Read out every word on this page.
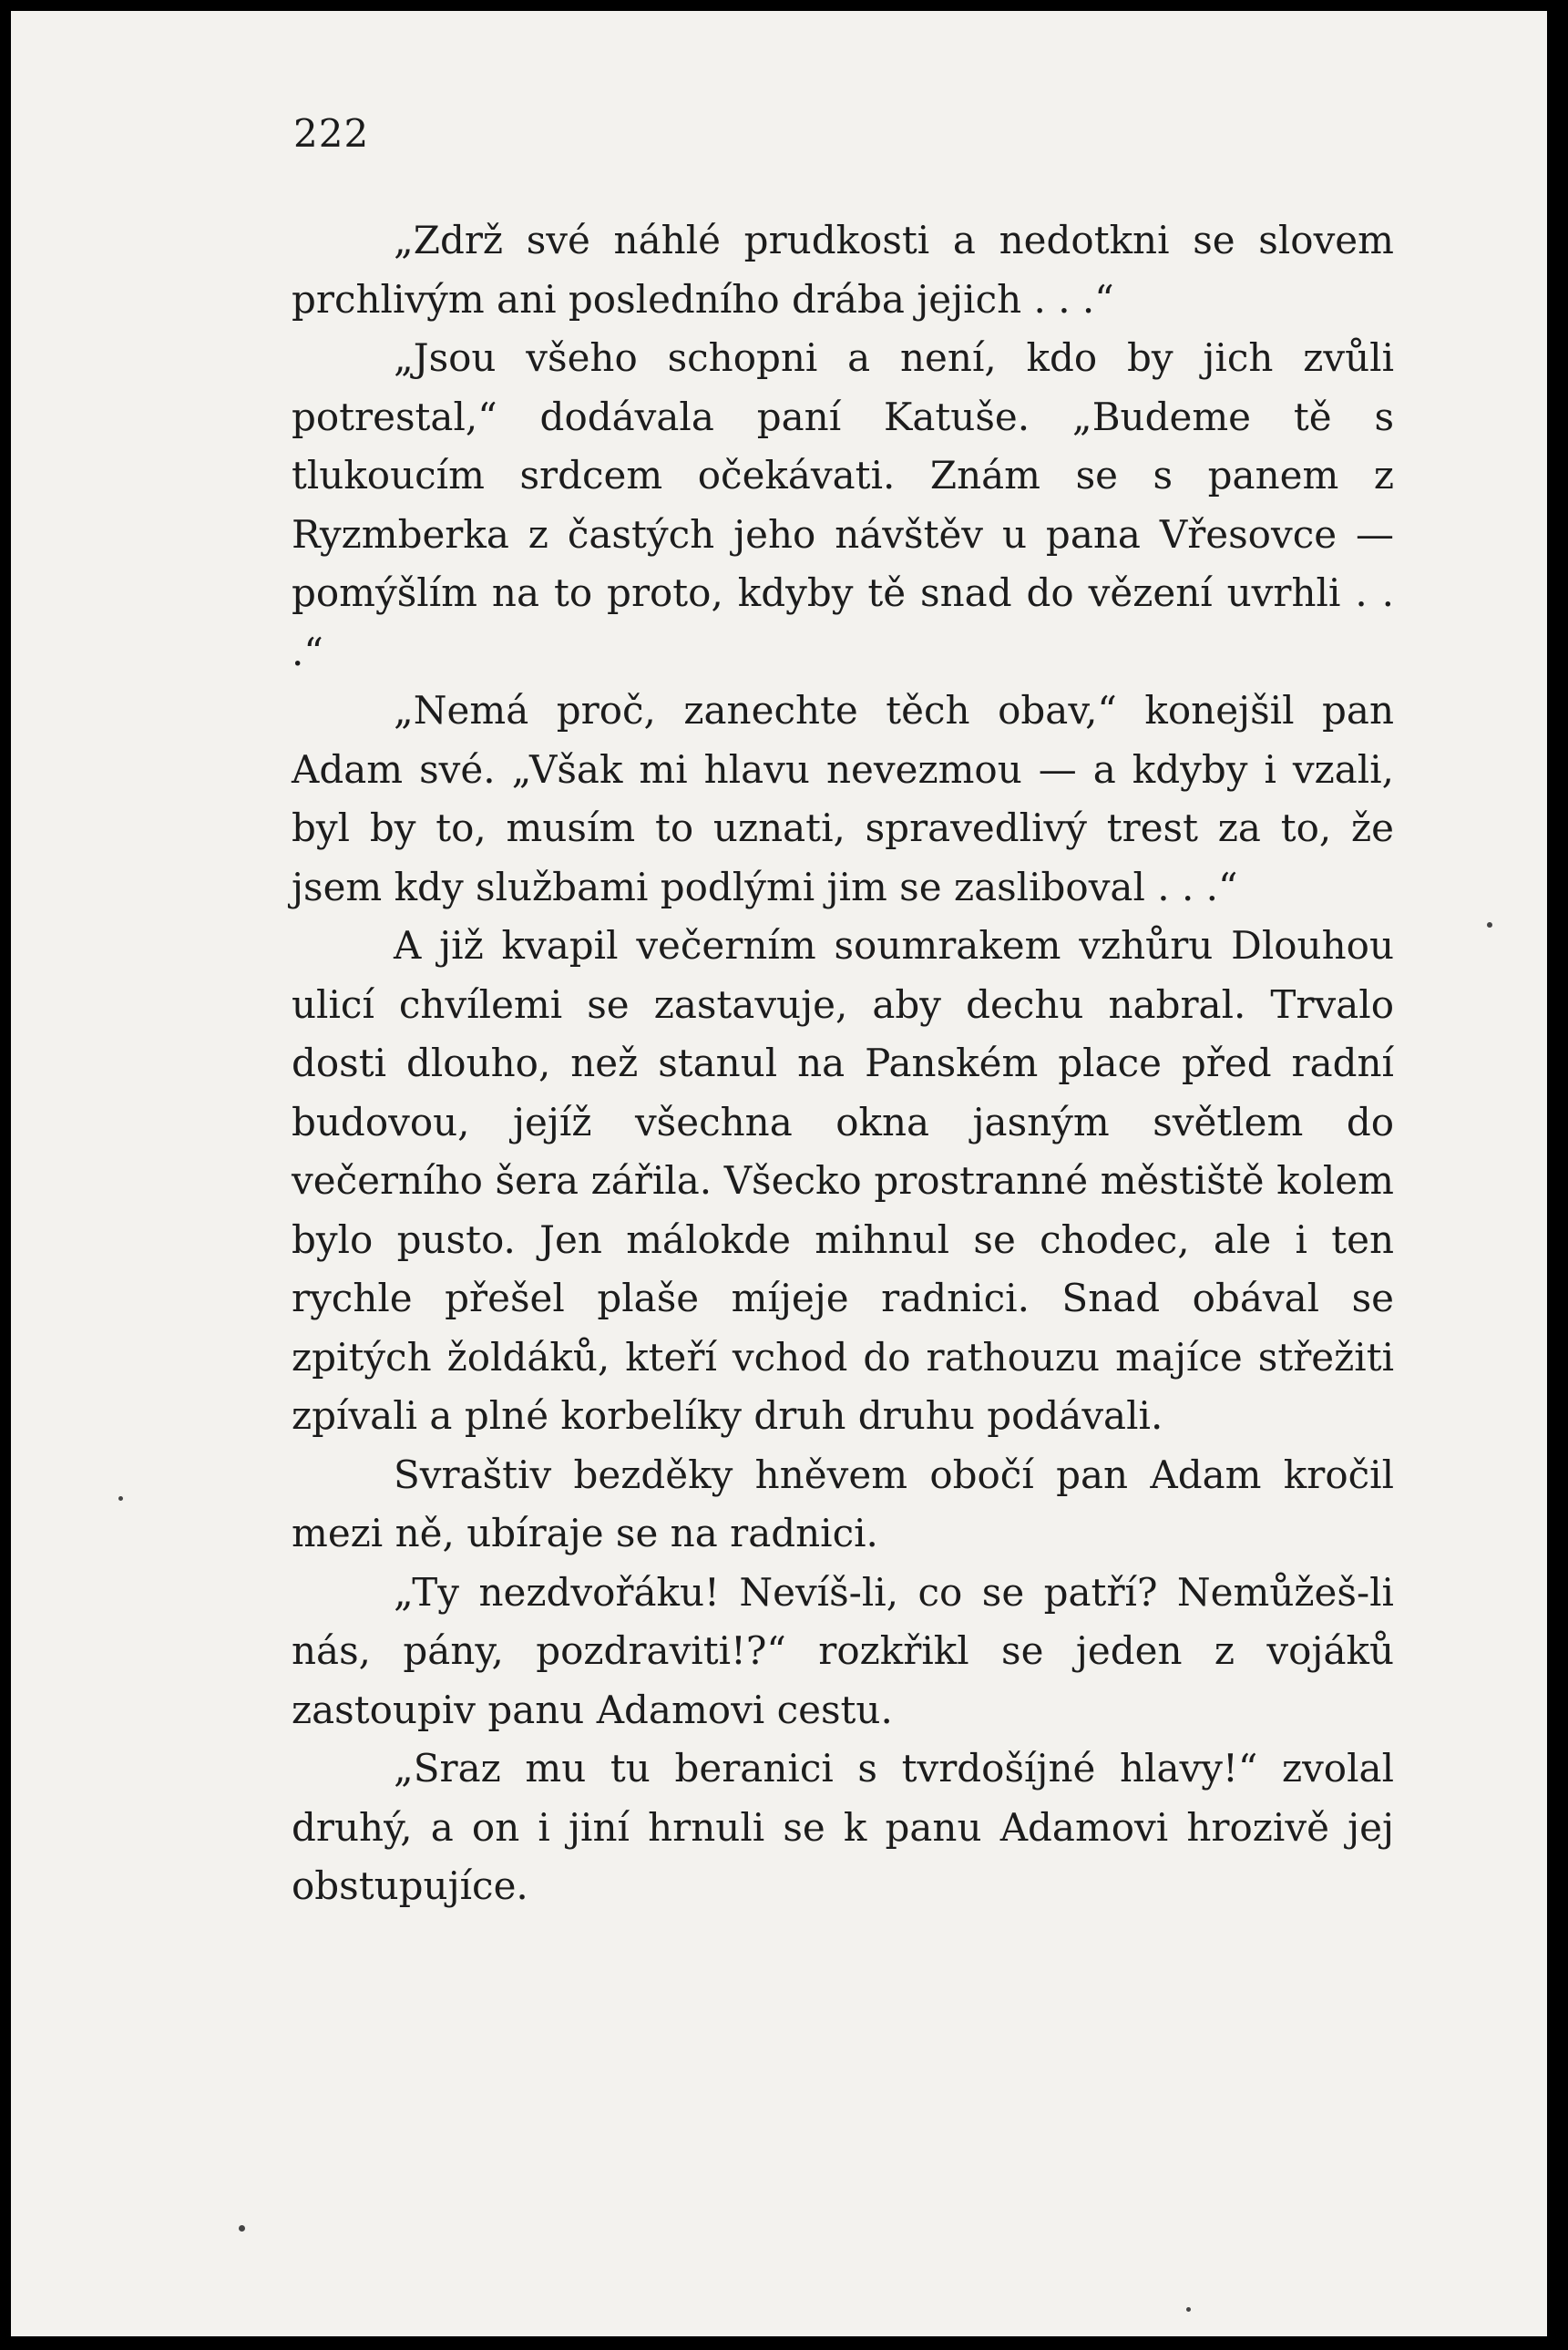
222

„Zdrž své náhlé prudkosti a nedotkni se slovem prchlivým ani posledního drába jejich . . .“

„Jsou všeho schopni a není, kdo by jich zvůli potrestal,“ dodávala paní Katuše. „Budeme tě s tlukoucím srdcem očekávati. Znám se s panem z Ryzmberka z častých jeho návštěv u pana Vřesovce — pomýšlím na to proto, kdyby tě snad do vězení uvrhli . . .“

„Nemá proč, zanechte těch obav,“ konejšil pan Adam své. „Však mi hlavu nevezmou — a kdyby i vzali, byl by to, musím to uznati, spravedlivý trest za to, že jsem kdy službami podlými jim se zasliboval . . .“

A již kvapil večerním soumrakem vzhůru Dlouhou ulicí chvílemi se zastavuje, aby dechu nabral. Trvalo dosti dlouho, než stanul na Panském place před radní budovou, jejíž všechna okna jasným světlem do večerního šera zářila. Všecko prostranné městiště kolem bylo pusto. Jen málokde mihnul se chodec, ale i ten rychle přešel plaše míjeje radnici. Snad obával se zpitých žoldáků, kteří vchod do rathouzu majíce střežiti zpívali a plné korbelíky druh druhu podávali.

Svraštiv bezděky hněvem obočí pan Adam kročil mezi ně, ubíraje se na radnici.

„Ty nezdvořáku! Nevíš-li, co se patří? Nemůžeš-li nás, pány, pozdraviti!?“ rozkřikl se jeden z vojáků zastoupiv panu Adamovi cestu.

„Sraz mu tu beranici s tvrdošíjné hlavy!“ zvolal druhý, a on i jiní hrnuli se k panu Adamovi hrozivě jej obstupujíce.
